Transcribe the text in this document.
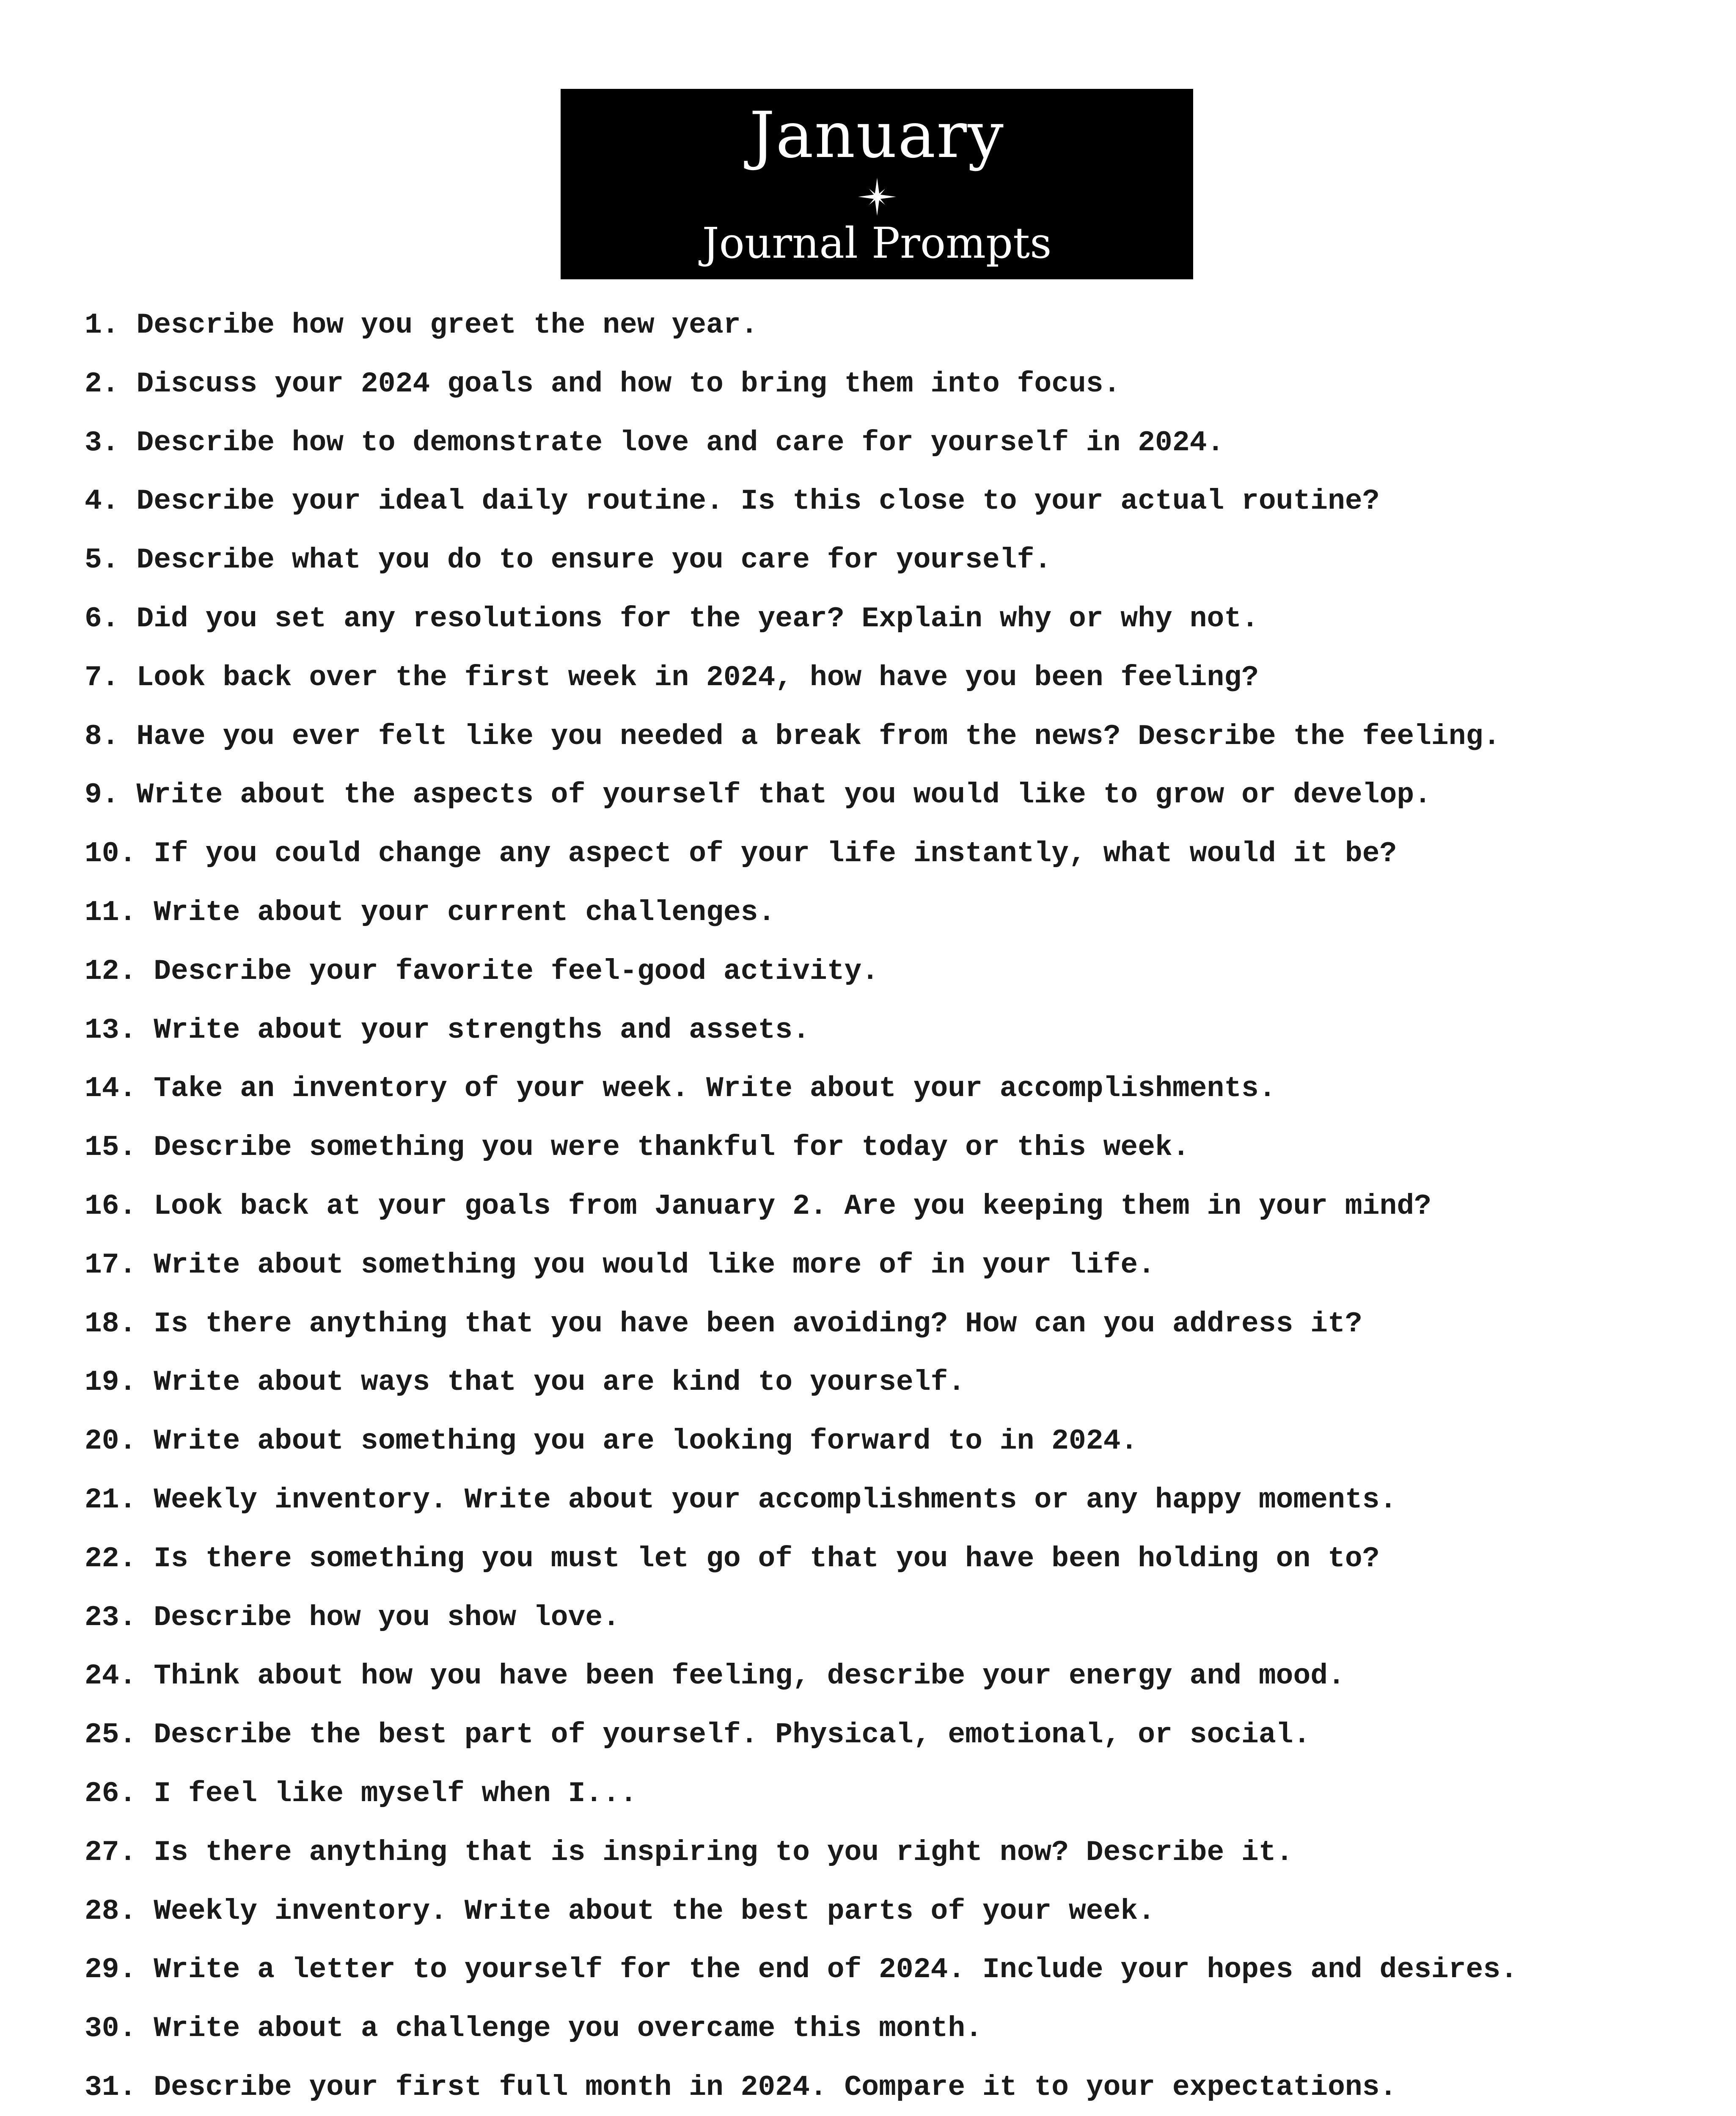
January
Journal Prompts
1. Describe how you greet the new year.
2. Discuss your 2024 goals and how to bring them into focus.
3. Describe how to demonstrate love and care for yourself in 2024.
4. Describe your ideal daily routine. Is this close to your actual routine?
5. Describe what you do to ensure you care for yourself.
6. Did you set any resolutions for the year? Explain why or why not.
7. Look back over the first week in 2024, how have you been feeling?
8. Have you ever felt like you needed a break from the news? Describe the feeling.
9. Write about the aspects of yourself that you would like to grow or develop.
10. If you could change any aspect of your life instantly, what would it be?
11. Write about your current challenges.
12. Describe your favorite feel-good activity.
13. Write about your strengths and assets.
14. Take an inventory of your week. Write about your accomplishments.
15. Describe something you were thankful for today or this week.
16. Look back at your goals from January 2. Are you keeping them in your mind?
17. Write about something you would like more of in your life.
18. Is there anything that you have been avoiding? How can you address it?
19. Write about ways that you are kind to yourself.
20. Write about something you are looking forward to in 2024.
21. Weekly inventory. Write about your accomplishments or any happy moments.
22. Is there something you must let go of that you have been holding on to?
23. Describe how you show love.
24. Think about how you have been feeling, describe your energy and mood.
25. Describe the best part of yourself. Physical, emotional, or social.
26. I feel like myself when I...
27. Is there anything that is inspiring to you right now? Describe it.
28. Weekly inventory. Write about the best parts of your week.
29. Write a letter to yourself for the end of 2024. Include your hopes and desires.
30. Write about a challenge you overcame this month.
31. Describe your first full month in 2024. Compare it to your expectations.
